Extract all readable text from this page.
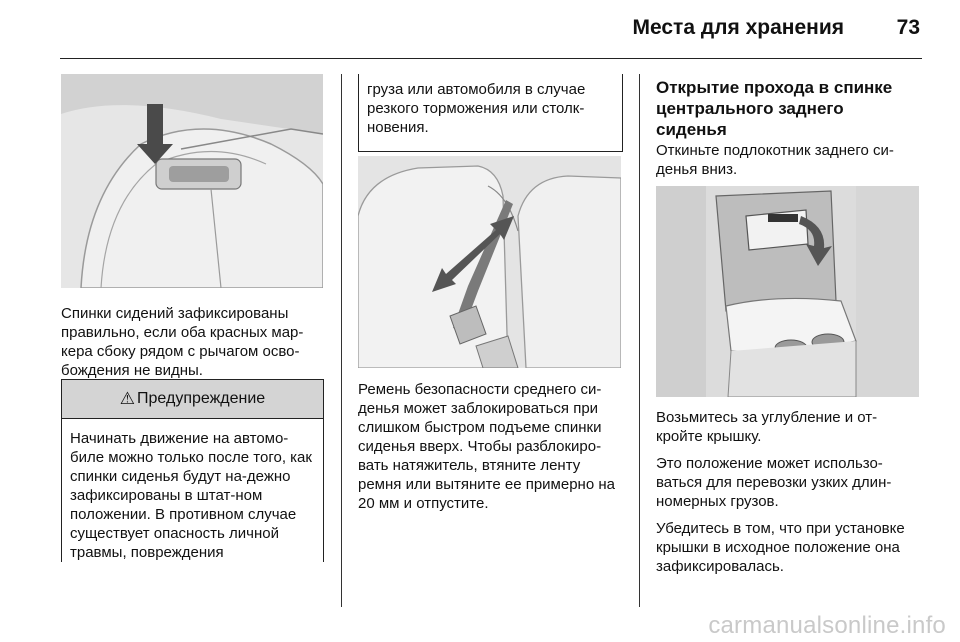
Места для хранения	73

Спинки сидений зафиксированы правильно, если оба красных мар-кера сбоку рядом с рычагом осво-бождения не видны.

⚠ Предупреждение

Начинать движение на автомо-биле можно только после того, как спинки сиденья будут на-дежно зафиксированы в штат-ном положении. В противном случае существует опасность личной травмы, повреждения

груза или автомобиля в случае резкого торможения или столк-новения.

Ремень безопасности среднего си-денья может заблокироваться при слишком быстром подъеме спинки сиденья вверх. Чтобы разблокиро-вать натяжитель, втяните ленту ремня или вытяните ее примерно на 20 мм и отпустите.

Открытие прохода в спинке центрального заднего сиденья

Откиньте подлокотник заднего си-денья вниз.

Возьмитесь за углубление и от-кройте крышку.

Это положение может использо-ваться для перевозки узких длин-номерных грузов.

Убедитесь в том, что при установке крышки в исходное положение она зафиксировалась.

carmanualsonline.info
